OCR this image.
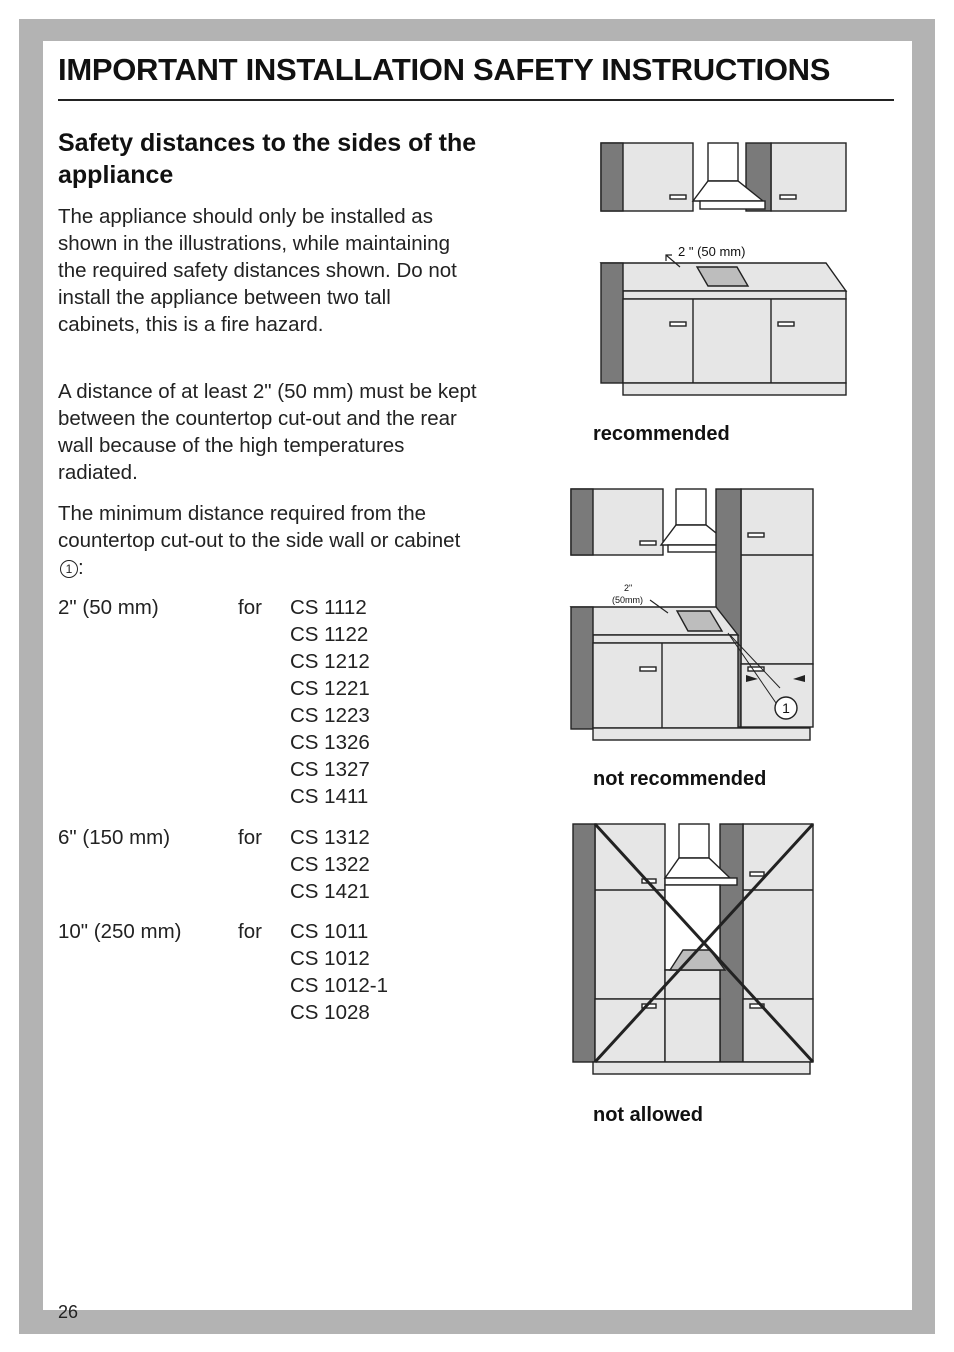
IMPORTANT INSTALLATION SAFETY INSTRUCTIONS
Safety distances to the sides of the appliance
The appliance should only be installed as shown in the illustrations, while maintaining the required safety distances shown. Do not install the appliance between two tall cabinets, this is a fire hazard.
A distance of at least 2" (50 mm) must be kept between the countertop cut-out and the rear wall because of the high temperatures radiated.
The minimum distance required from the countertop cut-out to the side wall or cabinet 1 :
2" (50 mm)	for CS 1112
CS 1122
CS 1212
CS 1221
CS 1223
CS 1326
CS 1327
CS 1411
6" (150 mm)	for CS 1312
CS 1322
CS 1421
10" (250 mm)	for CS 1011
CS 1012
CS 1012-1
CS 1028
2 " (50 mm)
recommended
1
2"
(50mm)
not recommended
not allowed
26
